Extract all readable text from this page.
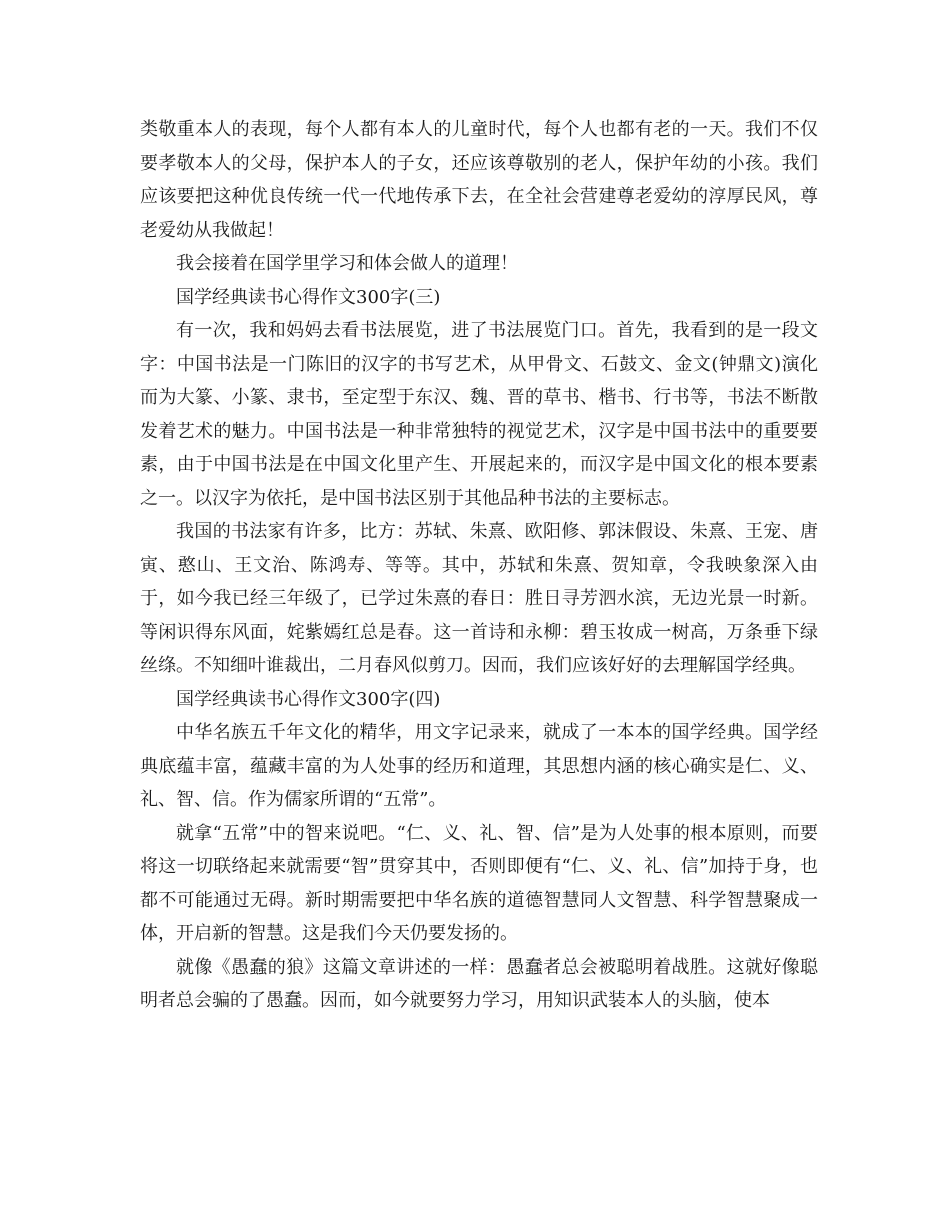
类敬重本人的表现，每个人都有本人的儿童时代，每个人也都有老的一天。我们不仅要孝敬本人的父母，保护本人的子女，还应该尊敬别的老人，保护年幼的小孩。我们应该要把这种优良传统一代一代地传承下去，在全社会营建尊老爱幼的淳厚民风，尊老爱幼从我做起！

我会接着在国学里学习和体会做人的道理！

国学经典读书心得作文300字(三)

有一次，我和妈妈去看书法展览，进了书法展览门口。首先，我看到的是一段文字：中国书法是一门陈旧的汉字的书写艺术，从甲骨文、石鼓文、金文(钟鼎文)演化而为大篆、小篆、隶书，至定型于东汉、魏、晋的草书、楷书、行书等，书法不断散发着艺术的魅力。中国书法是一种非常独特的视觉艺术，汉字是中国书法中的重要要素，由于中国书法是在中国文化里产生、开展起来的，而汉字是中国文化的根本要素之一。以汉字为依托，是中国书法区别于其他品种书法的主要标志。

我国的书法家有许多，比方：苏轼、朱熹、欧阳修、郭沫假设、朱熹、王宠、唐寅、憨山、王文治、陈鸿寿、等等。其中，苏轼和朱熹、贺知章，令我映象深入由于，如今我已经三年级了，已学过朱熹的春日：胜日寻芳泗水滨，无边光景一时新。等闲识得东风面，姹紫嫣红总是春。这一首诗和永柳：碧玉妆成一树高，万条垂下绿丝绦。不知细叶谁裁出，二月春风似剪刀。因而，我们应该好好的去理解国学经典。

国学经典读书心得作文300字(四)

中华名族五千年文化的精华，用文字记录来，就成了一本本的国学经典。国学经典底蕴丰富，蕴藏丰富的为人处事的经历和道理，其思想内涵的核心确实是仁、义、礼、智、信。作为儒家所谓的“五常”。

就拿“五常”中的智来说吧。“仁、义、礼、智、信”是为人处事的根本原则，而要将这一切联络起来就需要“智”贯穿其中，否则即便有“仁、义、礼、信”加持于身，也都不可能通过无碍。新时期需要把中华名族的道德智慧同人文智慧、科学智慧聚成一体，开启新的智慧。这是我们今天仍要发扬的。

就像《愚蠢的狼》这篇文章讲述的一样：愚蠢者总会被聪明着战胜。这就好像聪明者总会骗的了愚蠢。因而，如今就要努力学习，用知识武装本人的头脑，使本
